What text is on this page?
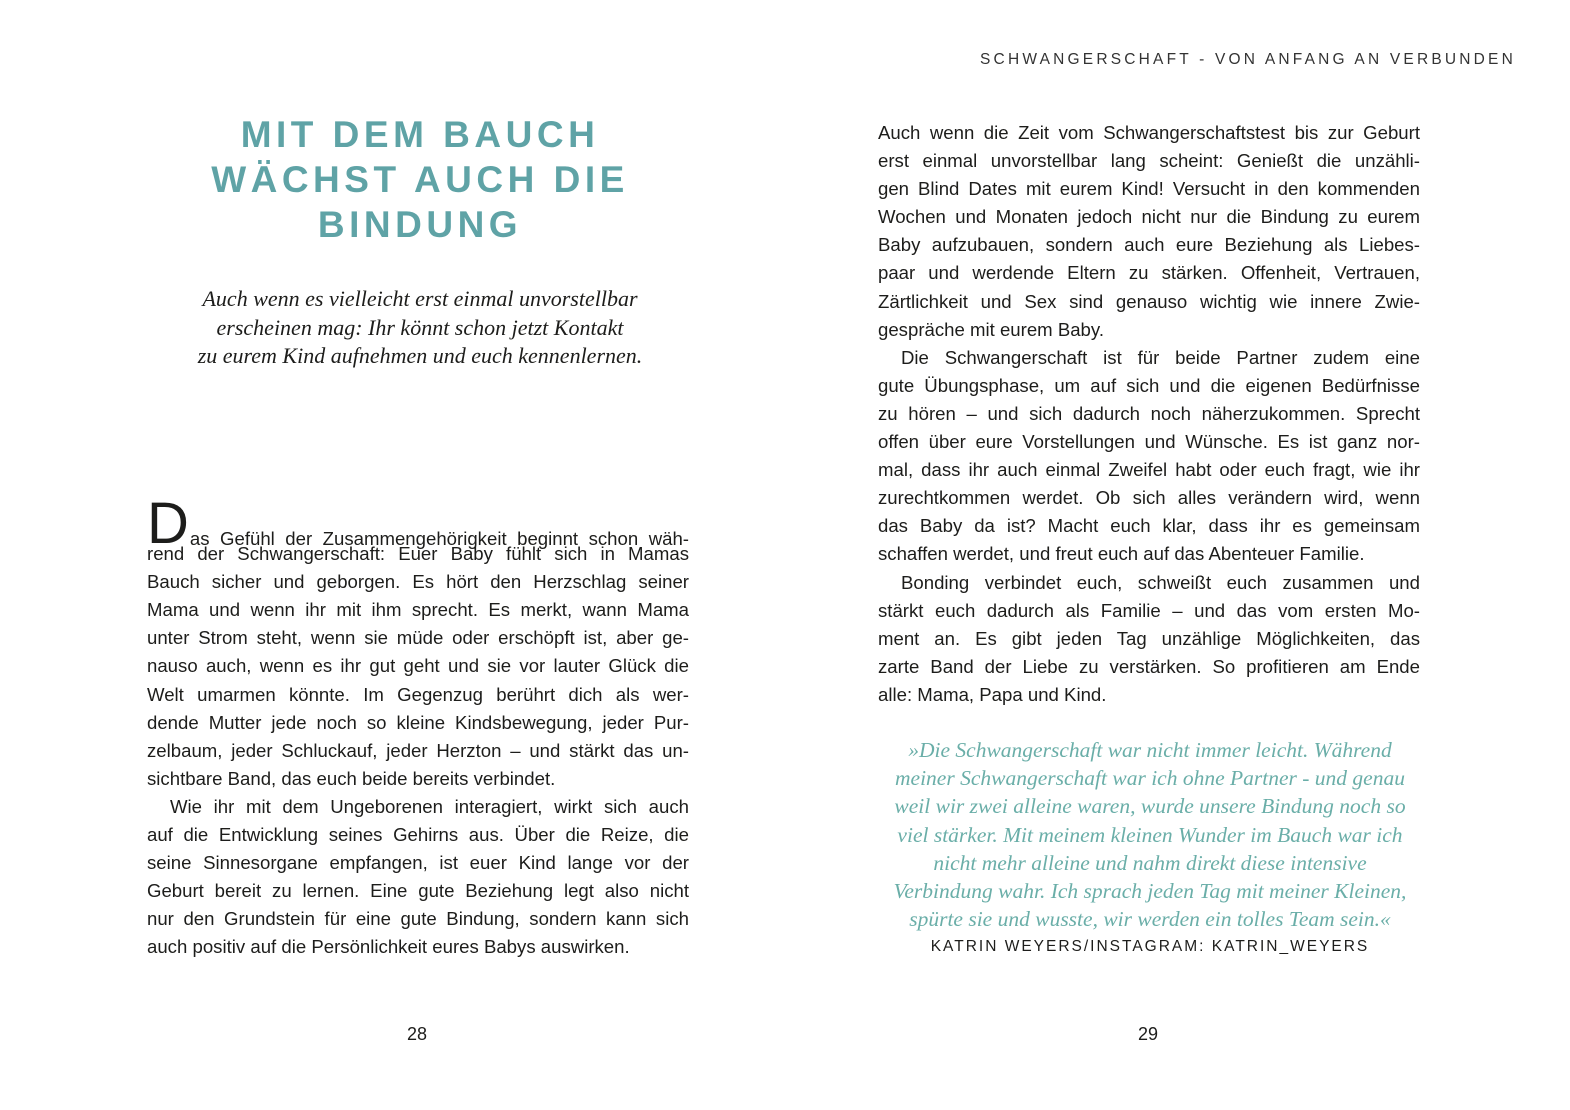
SCHWANGERSCHAFT - VON ANFANG AN VERBUNDEN
MIT DEM BAUCH
WÄCHST AUCH DIE
BINDUNG
Auch wenn es vielleicht erst einmal unvorstellbar
erscheinen mag: Ihr könnt schon jetzt Kontakt
zu eurem Kind aufnehmen und euch kennenlernen.
Das Gefühl der Zusammengehörigkeit beginnt schon wäh-
rend der Schwangerschaft: Euer Baby fühlt sich in Mamas
Bauch sicher und geborgen. Es hört den Herzschlag seiner
Mama und wenn ihr mit ihm sprecht. Es merkt, wann Mama
unter Strom steht, wenn sie müde oder erschöpft ist, aber ge-
nauso auch, wenn es ihr gut geht und sie vor lauter Glück die
Welt umarmen könnte. Im Gegenzug berührt dich als wer-
dende Mutter jede noch so kleine Kindsbewegung, jeder Pur-
zelbaum, jeder Schluckauf, jeder Herzton – und stärkt das un-
sichtbare Band, das euch beide bereits verbindet.
Wie ihr mit dem Ungeborenen interagiert, wirkt sich auch
auf die Entwicklung seines Gehirns aus. Über die Reize, die
seine Sinnesorgane empfangen, ist euer Kind lange vor der
Geburt bereit zu lernen. Eine gute Beziehung legt also nicht
nur den Grundstein für eine gute Bindung, sondern kann sich
auch positiv auf die Persönlichkeit eures Babys auswirken.
Auch wenn die Zeit vom Schwangerschaftstest bis zur Geburt
erst einmal unvorstellbar lang scheint: Genießt die unzähli-
gen Blind Dates mit eurem Kind! Versucht in den kommenden
Wochen und Monaten jedoch nicht nur die Bindung zu eurem
Baby aufzubauen, sondern auch eure Beziehung als Liebes-
paar und werdende Eltern zu stärken. Offenheit, Vertrauen,
Zärtlichkeit und Sex sind genauso wichtig wie innere Zwie-
gespräche mit eurem Baby.
Die Schwangerschaft ist für beide Partner zudem eine
gute Übungsphase, um auf sich und die eigenen Bedürfnisse
zu hören – und sich dadurch noch näherzukommen. Sprecht
offen über eure Vorstellungen und Wünsche. Es ist ganz nor-
mal, dass ihr auch einmal Zweifel habt oder euch fragt, wie ihr
zurechtkommen werdet. Ob sich alles verändern wird, wenn
das Baby da ist? Macht euch klar, dass ihr es gemeinsam
schaffen werdet, und freut euch auf das Abenteuer Familie.
Bonding verbindet euch, schweißt euch zusammen und
stärkt euch dadurch als Familie – und das vom ersten Mo-
ment an. Es gibt jeden Tag unzählige Möglichkeiten, das
zarte Band der Liebe zu verstärken. So profitieren am Ende
alle: Mama, Papa und Kind.
»Die Schwangerschaft war nicht immer leicht. Während
meiner Schwangerschaft war ich ohne Partner - und genau
weil wir zwei alleine waren, wurde unsere Bindung noch so
viel stärker. Mit meinem kleinen Wunder im Bauch war ich
nicht mehr alleine und nahm direkt diese intensive
Verbindung wahr. Ich sprach jeden Tag mit meiner Kleinen,
spürte sie und wusste, wir werden ein tolles Team sein.«
KATRIN WEYERS/INSTAGRAM: KATRIN_WEYERS
28	29
